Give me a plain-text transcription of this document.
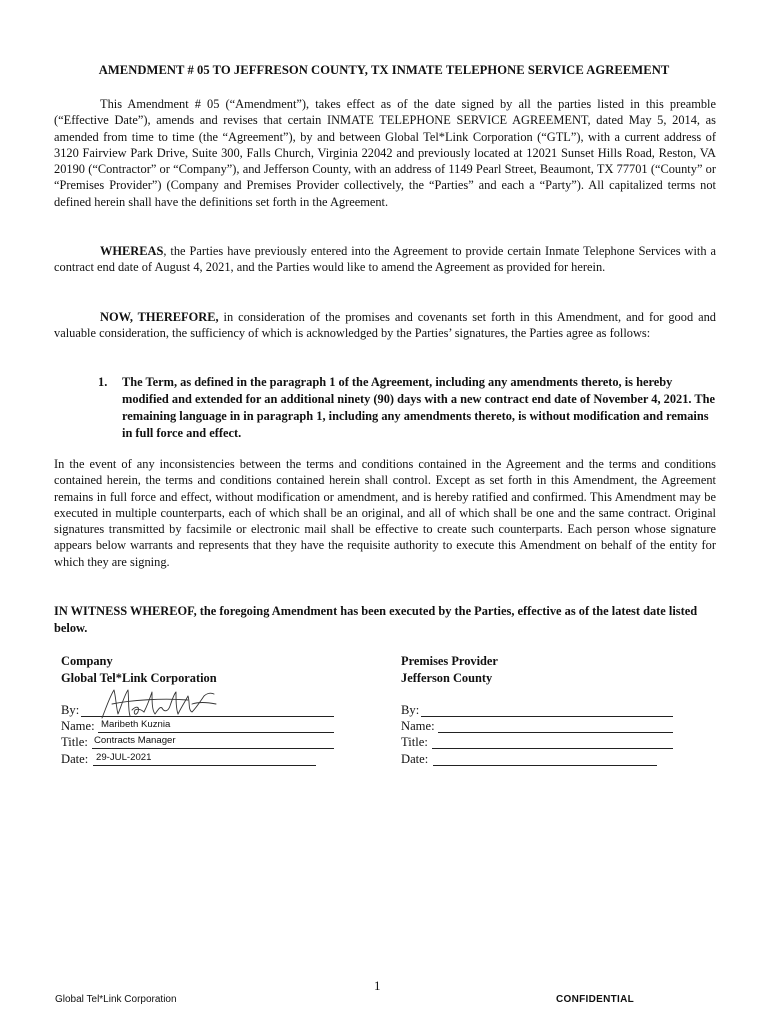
AMENDMENT # 05 TO JEFFRESON COUNTY, TX INMATE TELEPHONE SERVICE AGREEMENT
This Amendment # 05 (“Amendment”), takes effect as of the date signed by all the parties listed in this preamble (“Effective Date”), amends and revises that certain INMATE TELEPHONE SERVICE AGREEMENT, dated May 5, 2014, as amended from time to time (the “Agreement”), by and between Global Tel*Link Corporation (“GTL”), with a current address of 3120 Fairview Park Drive, Suite 300, Falls Church, Virginia 22042 and previously located at 12021 Sunset Hills Road, Reston, VA 20190 (“Contractor” or “Company”), and Jefferson County, with an address of 1149 Pearl Street, Beaumont, TX 77701 (“County” or “Premises Provider”) (Company and Premises Provider collectively, the “Parties” and each a “Party”). All capitalized terms not defined herein shall have the definitions set forth in the Agreement.
WHEREAS, the Parties have previously entered into the Agreement to provide certain Inmate Telephone Services with a contract end date of August 4, 2021, and the Parties would like to amend the Agreement as provided for herein.
NOW, THEREFORE, in consideration of the promises and covenants set forth in this Amendment, and for good and valuable consideration, the sufficiency of which is acknowledged by the Parties’ signatures, the Parties agree as follows:
1. The Term, as defined in the paragraph 1 of the Agreement, including any amendments thereto, is hereby modified and extended for an additional ninety (90) days with a new contract end date of November 4, 2021. The remaining language in in paragraph 1, including any amendments thereto, is without modification and remains in full force and effect.
In the event of any inconsistencies between the terms and conditions contained in the Agreement and the terms and conditions contained herein, the terms and conditions contained herein shall control. Except as set forth in this Amendment, the Agreement remains in full force and effect, without modification or amendment, and is hereby ratified and confirmed. This Amendment may be executed in multiple counterparts, each of which shall be an original, and all of which shall be one and the same contract. Original signatures transmitted by facsimile or electronic mail shall be effective to create such counterparts. Each person whose signature appears below warrants and represents that they have the requisite authority to execute this Amendment on behalf of the entity for which they are signing.
IN WITNESS WHEREOF, the foregoing Amendment has been executed by the Parties, effective as of the latest date listed below.
Company
Global Tel*Link Corporation
By:
Name: Maribeth Kuznia
Title: Contracts Manager
Date: 29-JUL-2021
Premises Provider
Jefferson County
By:
Name:
Title:
Date:
1
Global Tel*Link Corporation	CONFIDENTIAL
